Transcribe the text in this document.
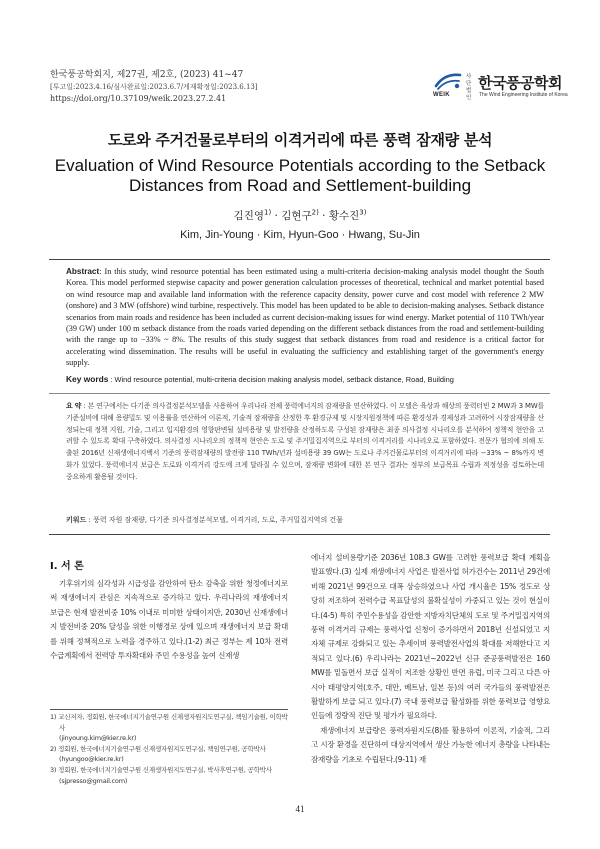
한국풍공학회지, 제27권, 제2호, (2023) 41~47
[투고일:2023.4.16/심사완료일:2023.6.7/게재확정일:2023.6.13]
https://doi.org/10.37109/weik.2023.27.2.41	WEIK
사단 법인
한국풍공학회
The Wind Engineering Institute of Korea
도로와 주거건물로부터의 이격거리에 따른 풍력 잠재량 분석
Evaluation of Wind Resource Potentials according to the Setback Distances from Road and Settlement-building
김진영$^{1)}$ · 김현구$^{2)}$ · 황수진$^{3)}$
Kim, Jin-Young · Kim, Hyun-Goo · Hwang, Su-Jin
Abstract: In this study, wind resource potential has been estimated using a multi-criteria decision-making analysis model thought the South Korea. This model performed stepwise capacity and power generation calculation processes of theoretical, technical and market potential based on wind resource map and available land information with the reference capacity density, power curve and cost model with reference 2 MW (onshore) and 3 MW (offshore) wind turbine, respectively. This model has been updated to be able to decision-making analyses. Setback distance scenarios from main roads and residence has been included as current decision-making issues for wind energy. Market potential of 110 TWh/year (39 GW) under 100 m setback distance from the roads varied depending on the different setback distances from the road and settlement-building with the range up to −33% ~ 8%. The results of this study suggest that setback distances from road and residence is a critical factor for accelerating wind dissemination. The results will be useful in evaluating the sufficiency and establishing target of the government's energy supply.
Key words : Wind resource potential, multi-criteria decision making analysis model, setback distance, Road, Building
요 약 : 본 연구에서는 다기준 의사결정분석모델을 사용하여 우리나라 전체 풍력에너지의 잠재량을 연산하였다. 이 모델은 육상과 해상의 풍력터빈 2 MW과 3 MW를 기준설비에 대해 용량밀도 및 이용률을 연산하여 이론적, 기술적 잠재량을 산정한 후 환경규제 및 시장지원정책에 따른 환경성과 경제성과 고려하여 시장잠재량을 산정되는데 정책 지원, 기술, 그리고 입지환경의 영향판변될 설비용량 및 발전량을 산정하도록 구성된 잠재량은 최종 의사결정 시나리오를 분석하여 정책적 현안을 고려할 수 있도록 확대 구축하였다. 의사결정 시나리오의 정책적 현안은 도로 및 주거밀집지역으로 부터의 이격거리를 시나리오로 포함하였다. 전문가 협의에 의해 도출된 2016년 신재생에너지백서 기준의 풍력잠재량의 발전량 110 TWh/년과 설비용량 39 GW는 도로나 주거건물로부터의 이격거리에 따라 −33% ~ 8%까지 변화가 있었다. 풍력에너지 보급은 도로와 이격거리 강도에 크게 달라질 수 있으며, 잠재량 변화에 대한 본 연구 결과는 정부의 보급목표 수립과 적정성을 검토하는데 중요하게 활용될 것이다.
키워드 : 풍력 자원 잠재량, 다기준 의사결정분석모델, 이격거리, 도로, 주거밀집지역의 건물
I. 서 론

기후위기의 심각성과 시급성을 감안하여 탄소 감축을 위한 청정에너지로써 재생에너지 관심은 지속적으로 증가하고 있다. 우리나라의 재생에너지 보급은 현재 발전비중 10% 이내로 미미한 상태이지만, 2030년 신재생에너지 발전비중 20% 달성을 위한 이행경로 상에 있으며 재생에너지 보급 확대를 위해 정책적으로 노력을 경주하고 있다.(1-2) 최근 정부는 제 10차 전력수급계획에서 전력망 투자확대와 주민 수용성을 높여 신재생

에너지 설비용량기준 2036년 108.3 GW를 고려한 풍력보급 확대 계획을 발표했다.(3) 실제 재생에너지 사업은 발전사업 허가건수는 2011년 29건에 비해 2021년 99건으로 대폭 상승하였으나 사업 개시율은 15% 정도로 상당히 저조하여 전력수급 목표달성의 불확실성이 가중되고 있는 것이 현실이다.(4-5) 특히 주민수용성을 감안한 지방자치단체의 도로 및 주거밀집지역의 풍력 이격거리 규제는 풍력사업 신청이 증가하면서 2018년 신설되었고 지자체 규제로 강화되고 있는 추세이며 풍력발전사업의 확대를 저해한다고 지적되고 있다.(6) 우리나라는 2021년~2022년 신규 준공풍력발전은 160 MW를 밑돌면서 보급 실적이 저조한 상황인 반면 유럽, 미국 그리고 다른 아시아 태평양지역(호주, 대만, 베트남, 일본 등)의 여러 국가들의 풍력발전은 활발하게 보급 되고 있다.(7) 국내 풍력보급 활성화를 위한 풍력보급 영향요인들에 정량적 진단 및 평가가 필요하다.

재생에너지 보급량은 풍력자원지도(8)를 활용하여 이론적, 기술적, 그리고 시장 환경을 진단하여 대상지역에서 생산 가능한 에너지 총량을 나타내는 잠재량을 기초로 수립된다.(9-11) 재

1) 교신저자, 정회원, 한국에너지기술연구원 신재생자원지도연구실, 책임기술원, 이학박사
(jinyoung.kim@kier.re.kr)
2) 정회원, 한국에너지기술연구원 신재생자원지도연구실, 책임연구원, 공학박사
(hyungoo@kier.re.kr)
3) 정회원, 한국에너지기술연구원 신재생자원지도연구실, 박사후연구원, 공학박사
(sjpresso@gmail.com)
41
